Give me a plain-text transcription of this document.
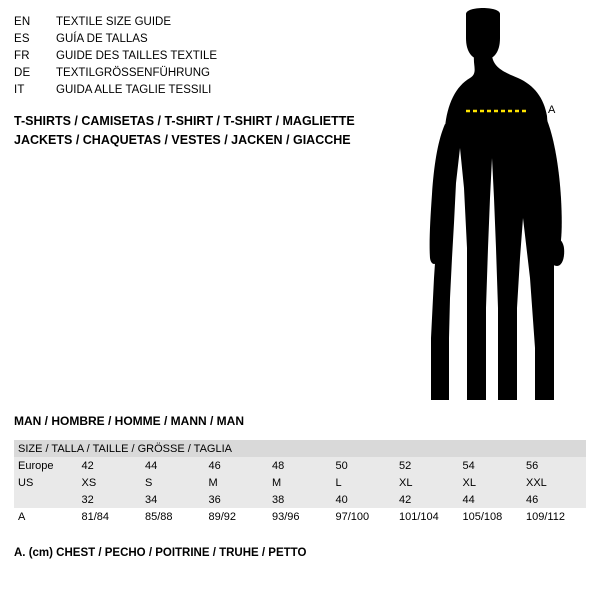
EN	TEXTILE SIZE GUIDE
ES	GUÍA DE TALLAS
FR	GUIDE DES TAILLES TEXTILE
DE	TEXTILGRÖSSENFÜHRUNG
IT	GUIDA ALLE TAGLIE TESSILI
T-SHIRTS / CAMISETAS / T-SHIRT / T-SHIRT / MAGLIETTE
JACKETS / CHAQUETAS / VESTES / JACKEN / GIACCHE
A
MAN / HOMBRE / HOMME / MANN / MAN
SIZE / TALLA / TAILLE / GRÖSSE / TAGLIA								
Europe	42	44	46	48	50	52	54	56
US	XS	S	M	M	L	XL	XL	XXL
	32	34	36	38	40	42	44	46
A	81/84	85/88	89/92	93/96	97/100	101/104	105/108	109/112
A. (cm) CHEST / PECHO / POITRINE / TRUHE / PETTO
